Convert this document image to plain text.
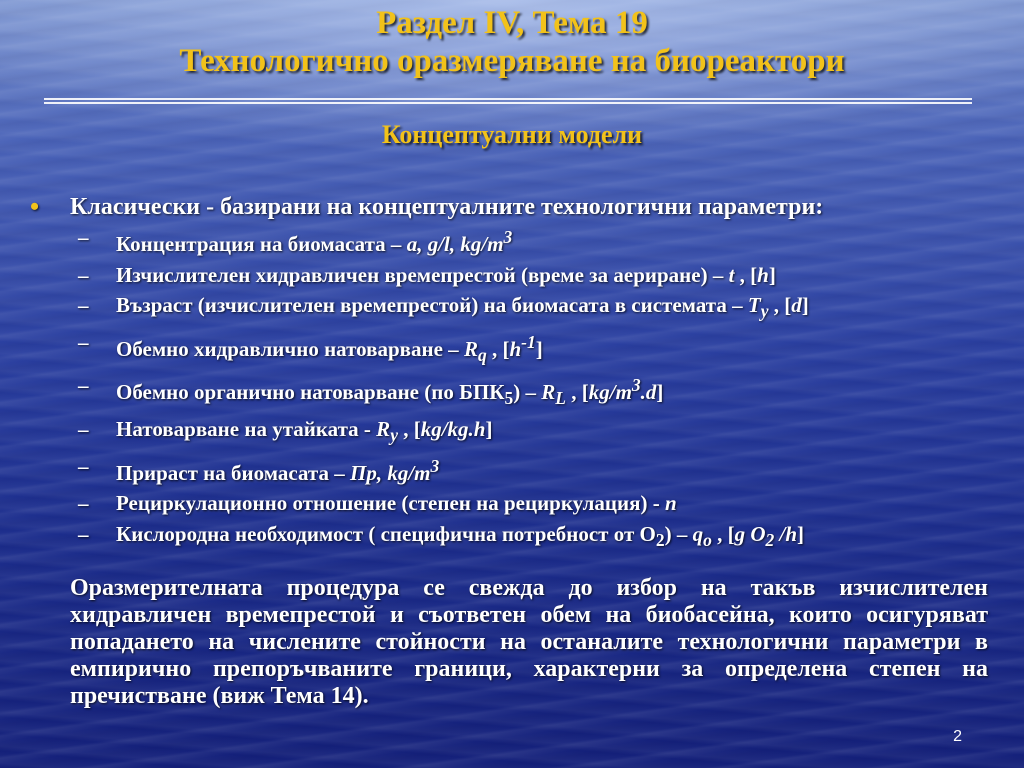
Раздел IV, Тема 19
Технологично оразмеряване на биореактори
Концептуални модели
• Класически - базирани на концептуалните технологични параметри:
– Концентрация на биомасата – a, g/l, $kg/m^3$
– Изчислителен хидравличен времепрестой (време за аериране) – t , [h]
– Възраст (изчислителен времепрестой) на биомасата в системата – $T_y$ , [d]
– Обемно хидравлично натоварване – $R_q$ , $[h^{-1}]$
– Обемно органично натоварване (по $БПК_5) - R_L$ , $[kg/m^3.d]$
– Натоварване на утайката - $R_y$ , [kg/kg.h]
– Прираст на биомасата – Пр, $kg/m^3$
– Рециркулационно отношение (степен на рециркулация) - n
– Кислородна необходимост ( специфична потребност от $О_2) - q_o$ , [g $O_2$ /h]
Оразмерителната процедура се свежда до избор на такъв изчислителен хидравличен времепрестой и съответен обем на биобасейна, които осигуряват попадането на числените стойности на останалите технологични параметри в емпирично препоръчваните граници, характерни за определена степен на пречистване (виж Тема 14).
2
